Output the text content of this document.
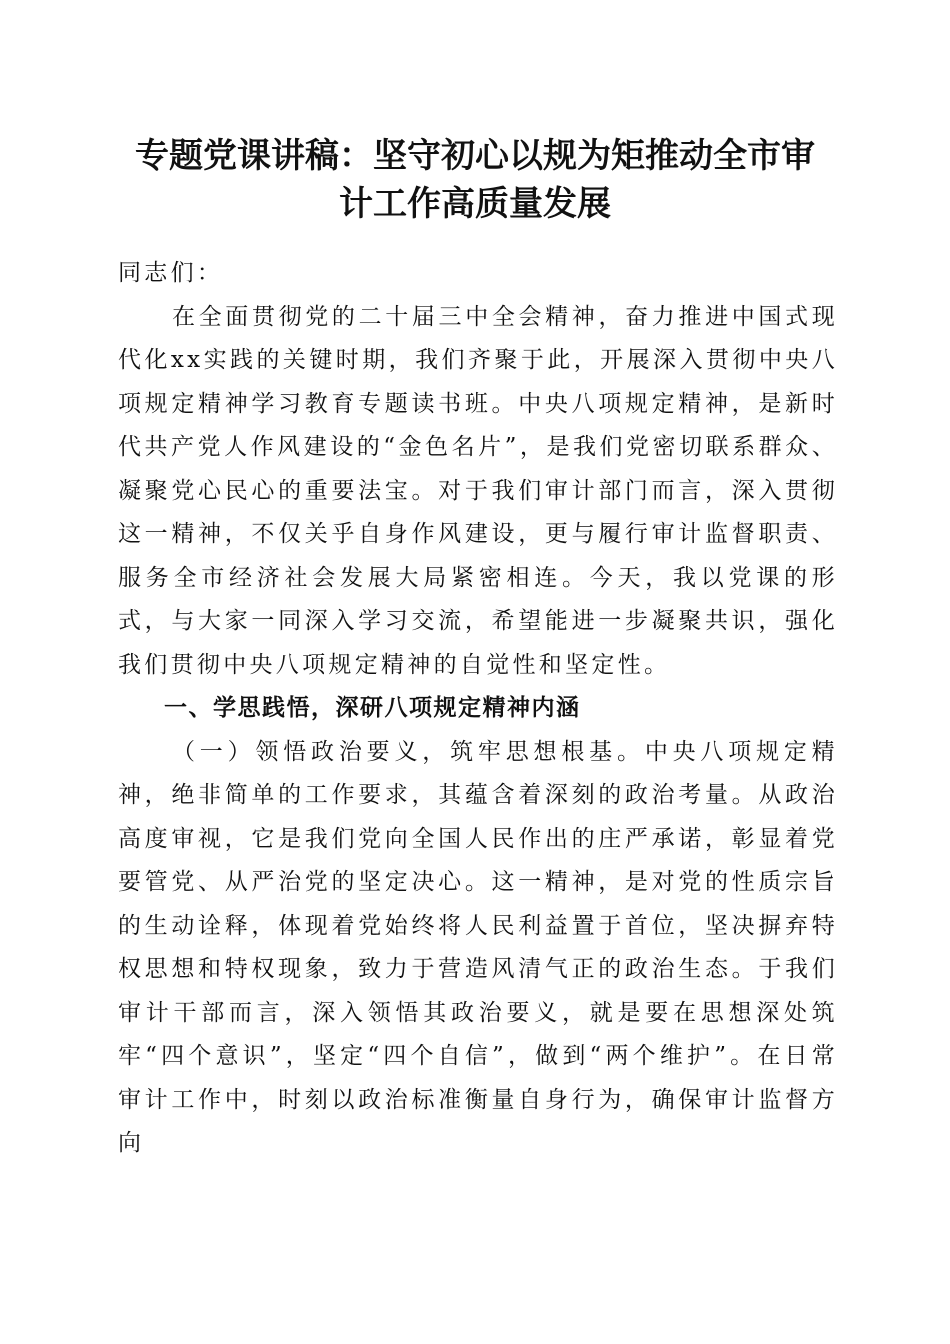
专题党课讲稿：坚守初心以规为矩推动全市审
计工作高质量发展

同志们：

在全面贯彻党的二十届三中全会精神，奋力推进中国式现代化xx实践的关键时期，我们齐聚于此，开展深入贯彻中央八项规定精神学习教育专题读书班。中央八项规定精神，是新时代共产党人作风建设的“金色名片”，是我们党密切联系群众、凝聚党心民心的重要法宝。对于我们审计部门而言，深入贯彻这一精神，不仅关乎自身作风建设，更与履行审计监督职责、服务全市经济社会发展大局紧密相连。今天，我以党课的形式，与大家一同深入学习交流，希望能进一步凝聚共识，强化我们贯彻中央八项规定精神的自觉性和坚定性。

一、学思践悟，深研八项规定精神内涵

（一）领悟政治要义，筑牢思想根基。中央八项规定精神，绝非简单的工作要求，其蕴含着深刻的政治考量。从政治高度审视，它是我们党向全国人民作出的庄严承诺，彰显着党要管党、从严治党的坚定决心。这一精神，是对党的性质宗旨的生动诠释，体现着党始终将人民利益置于首位，坚决摒弃特权思想和特权现象，致力于营造风清气正的政治生态。于我们审计干部而言，深入领悟其政治要义，就是要在思想深处筑牢“四个意识”，坚定“四个自信”，做到“两个维护”。在日常审计工作中，时刻以政治标准衡量自身行为，确保审计监督方向
